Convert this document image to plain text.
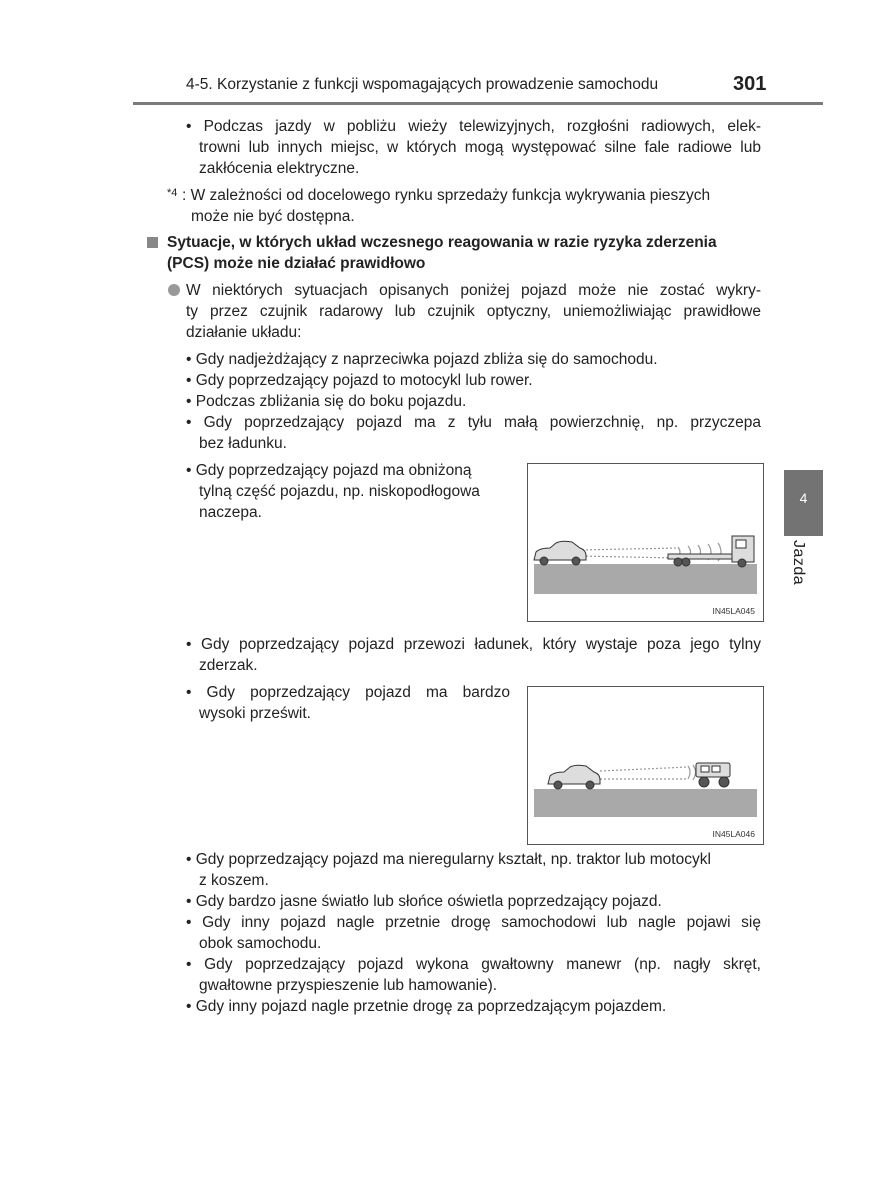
4-5. Korzystanie z funkcji wspomagających prowadzenie samochodu	301
4
Jazda
• Podczas jazdy w pobliżu wieży telewizyjnych, rozgłośni radiowych, elek-
trowni lub innych miejsc, w których mogą występować silne fale radiowe lub
zakłócenia elektryczne.
*4 : W zależności od docelowego rynku sprzedaży funkcja wykrywania pieszych
może nie być dostępna.
Sytuacje, w których układ wczesnego reagowania w razie ryzyka zderzenia
(PCS) może nie działać prawidłowo
W niektórych sytuacjach opisanych poniżej pojazd może nie zostać wykry-
ty przez czujnik radarowy lub czujnik optyczny, uniemożliwiając prawidłowe
działanie układu:
• Gdy nadjeżdżający z naprzeciwka pojazd zbliża się do samochodu.
• Gdy poprzedzający pojazd to motocykl lub rower.
• Podczas zbliżania się do boku pojazdu.
• Gdy poprzedzający pojazd ma z tyłu małą powierzchnię, np. przyczepa
bez ładunku.
• Gdy poprzedzający pojazd ma obniżoną
tylną część pojazdu, np. niskopodłogowa
naczepa.
IN45LA045
• Gdy poprzedzający pojazd przewozi ładunek, który wystaje poza jego tylny
zderzak.
• Gdy poprzedzający pojazd ma bardzo
wysoki prześwit.
IN45LA046
• Gdy poprzedzający pojazd ma nieregularny kształt, np. traktor lub motocykl
z koszem.
• Gdy bardzo jasne światło lub słońce oświetla poprzedzający pojazd.
• Gdy inny pojazd nagle przetnie drogę samochodowi lub nagle pojawi się
obok samochodu.
• Gdy poprzedzający pojazd wykona gwałtowny manewr (np. nagły skręt,
gwałtowne przyspieszenie lub hamowanie).
• Gdy inny pojazd nagle przetnie drogę za poprzedzającym pojazdem.
